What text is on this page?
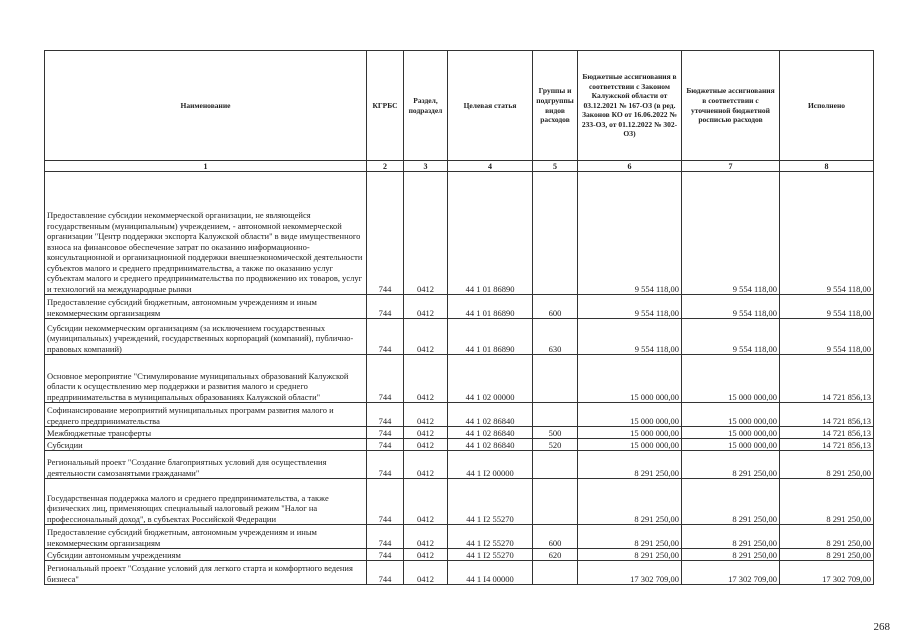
Наименование	КГРБС	Раздел, подраздел	Целевая статья	Группы и подгруппы видов расходов	Бюджетные ассигнования в соответствии с Законом Калужской области от 03.12.2021 № 167-ОЗ (в ред. Законов КО от 16.06.2022 № 233-ОЗ, от 01.12.2022 № 302-ОЗ)	Бюджетные ассигнования в соответствии с уточненной бюджетной росписью расходов	Исполнено
1	2	3	4	5	6	7	8
Предоставление субсидии некоммерческой организации, не являющейся государственным (муниципальным) учреждением, - автономной некоммерческой организации "Центр поддержки экспорта Калужской области" в виде имущественного взноса на финансовое обеспечение затрат по оказанию информационно-консультационной и организационной поддержки внешнеэкономической деятельности субъектов малого и среднего предпринимательства, а также по оказанию услуг субъектам малого и среднего предпринимательства по продвижению их товаров, услуг и технологий на международные рынки	744	0412	44 1 01 86890		9 554 118,00	9 554 118,00	9 554 118,00
Предоставление субсидий бюджетным, автономным учреждениям и иным некоммерческим организациям	744	0412	44 1 01 86890	600	9 554 118,00	9 554 118,00	9 554 118,00
Субсидии некоммерческим организациям (за исключением государственных (муниципальных) учреждений, государственных корпораций (компаний), публично-правовых компаний)	744	0412	44 1 01 86890	630	9 554 118,00	9 554 118,00	9 554 118,00
Основное мероприятие "Стимулирование муниципальных образований Калужской области к осуществлению мер поддержки и развития малого и среднего предпринимательства в муниципальных образованиях Калужской области"	744	0412	44 1 02 00000		15 000 000,00	15 000 000,00	14 721 856,13
Софинансирование мероприятий муниципальных программ развития малого и среднего предпринимательства	744	0412	44 1 02 86840		15 000 000,00	15 000 000,00	14 721 856,13
Межбюджетные трансферты	744	0412	44 1 02 86840	500	15 000 000,00	15 000 000,00	14 721 856,13
Субсидии	744	0412	44 1 02 86840	520	15 000 000,00	15 000 000,00	14 721 856,13
Региональный проект "Создание благоприятных условий для осуществления деятельности самозанятыми гражданами"	744	0412	44 1 I2 00000		8 291 250,00	8 291 250,00	8 291 250,00
Государственная поддержка малого и среднего предпринимательства, а также физических лиц, применяющих специальный налоговый режим "Налог на профессиональный доход", в субъектах Российской Федерации	744	0412	44 1 I2 55270		8 291 250,00	8 291 250,00	8 291 250,00
Предоставление субсидий бюджетным, автономным учреждениям и иным некоммерческим организациям	744	0412	44 1 I2 55270	600	8 291 250,00	8 291 250,00	8 291 250,00
Субсидии автономным учреждениям	744	0412	44 1 I2 55270	620	8 291 250,00	8 291 250,00	8 291 250,00
Региональный проект "Создание условий для легкого старта и комфортного ведения бизнеса"	744	0412	44 1 I4 00000		17 302 709,00	17 302 709,00	17 302 709,00
268
